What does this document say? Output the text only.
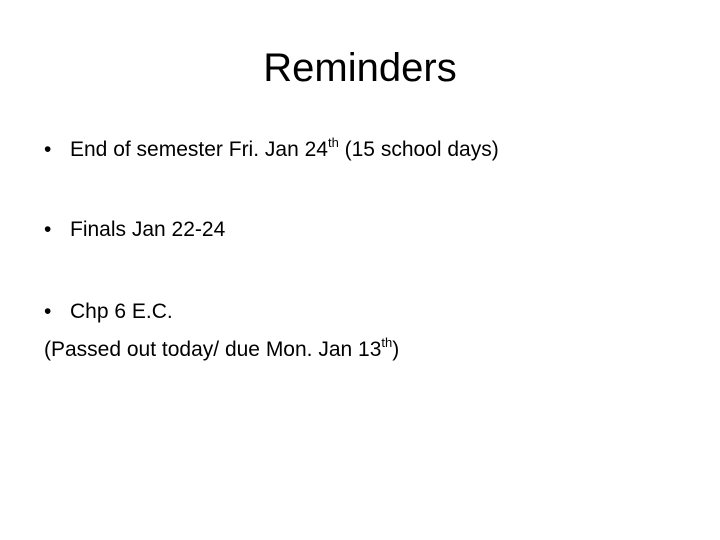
Reminders
• End of semester Fri. Jan 24th (15 school days)
• Finals Jan 22-24
• Chp 6 E.C.
(Passed out today/ due Mon. Jan 13th)
